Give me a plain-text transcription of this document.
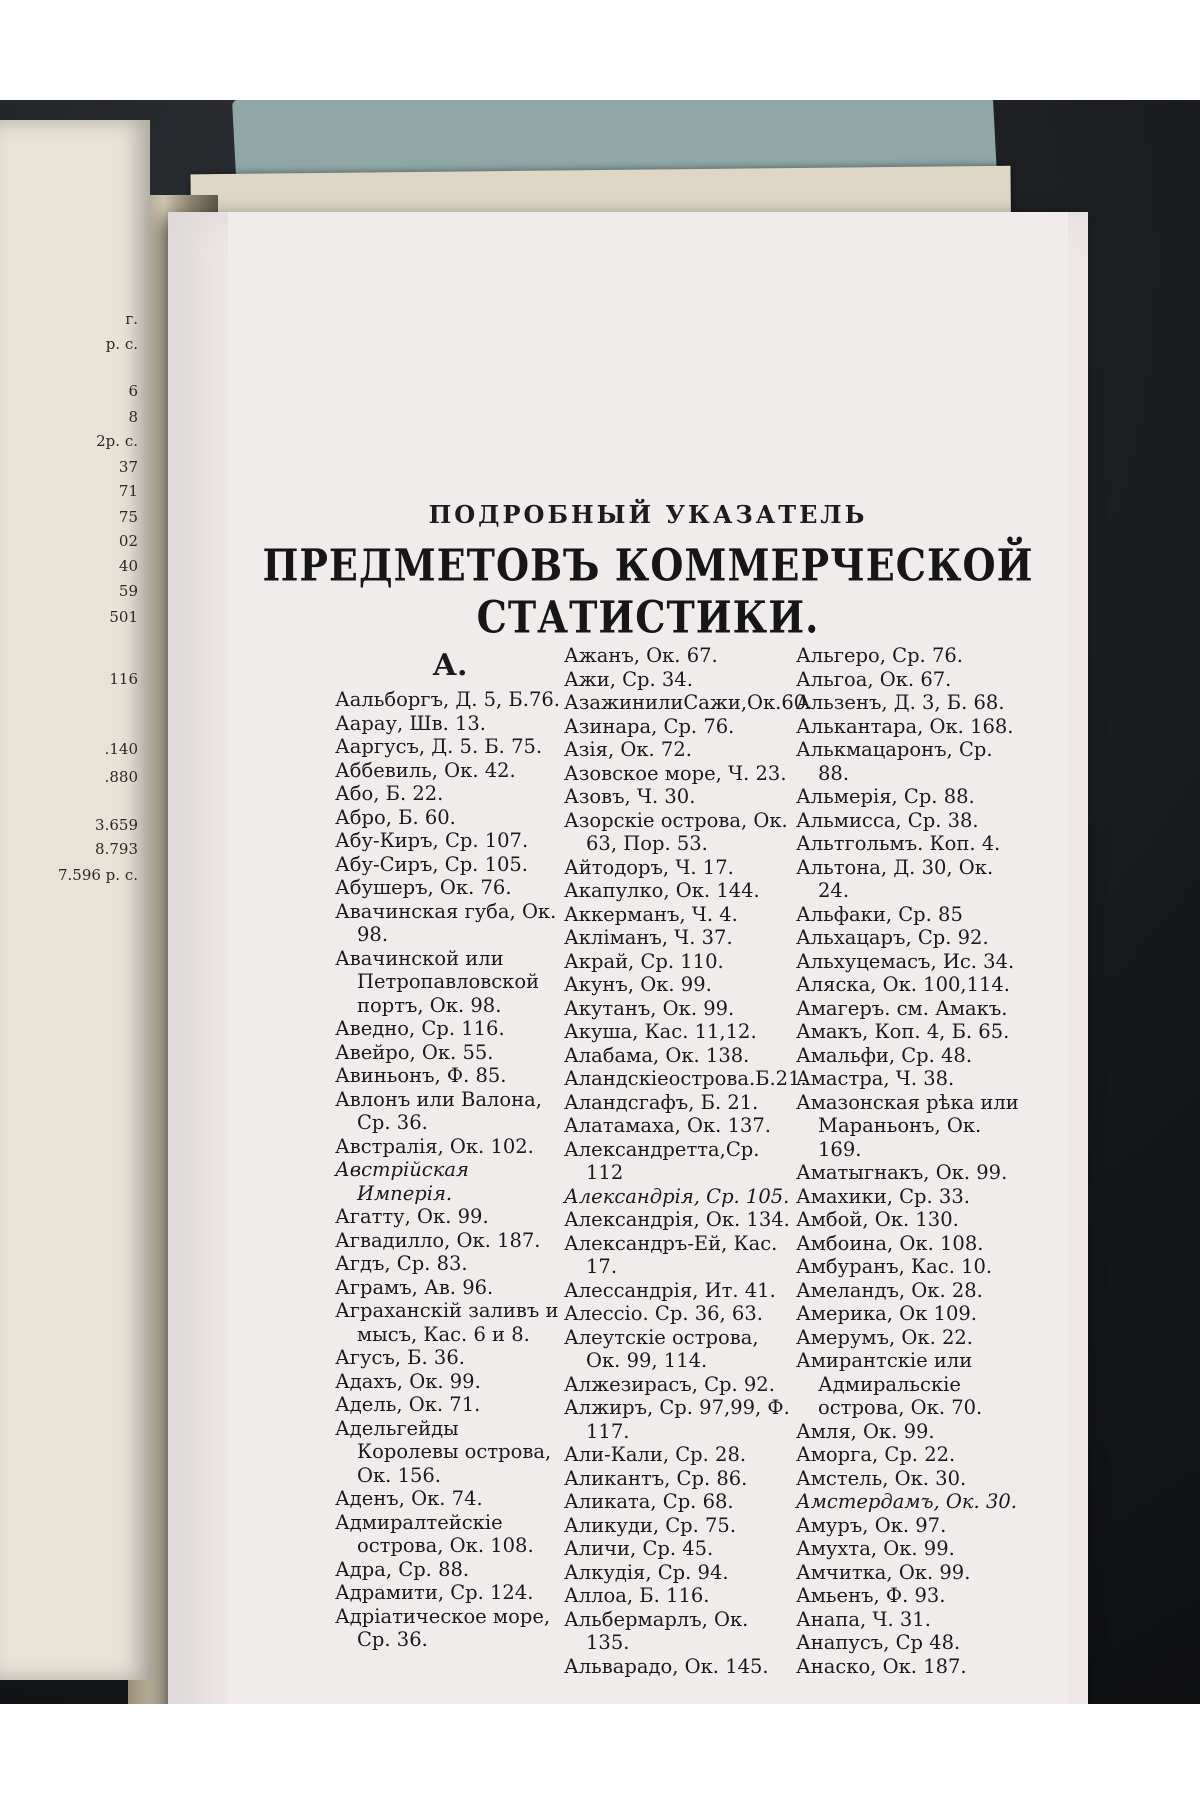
г.
р. с.
6
8
2р. с.
37
71
75
02
40
59
501
116
.140
.880
3.659
8.793
7.596 р. с.
ПОДРОБНЫЙ УКАЗАТЕЛЬ
ПРЕДМЕТОВЪ КОММЕРЧЕСКОЙ СТАТИСТИКИ.
А.

Аальборгъ, Д. 5, Б.76.

Аарау, Шв. 13.

Ааргусъ, Д. 5. Б. 75.

Аббевиль, Ок. 42.

Або, Б. 22.

Абро, Б. 60.

Абу-Киръ, Ср. 107.

Абу-Сиръ, Ср. 105.

Абушеръ, Ок. 76.

Авачинская губа, Ок. 98.

Авачинской или Петропавловской портъ, Ок. 98.

Аведно, Ср. 116.

Авейро, Ок. 55.

Авиньонъ, Ф. 85.

Авлонъ или Валона, Ср. 36.

Австралія, Ок. 102.

Австрійская Имперія.

Агатту, Ок. 99.

Агвадилло, Ок. 187.

Агдъ, Ср. 83.

Аграмъ, Ав. 96.

Аграханскій заливъ и мысъ, Кас. 6 и 8.

Агусъ, Б. 36.

Адахъ, Ок. 99.

Адель, Ок. 71.

Адельгейды Королевы острова, Ок. 156.

Аденъ, Ок. 74.

Адмиралтейскіе острова, Ок. 108.

Адра, Ср. 88.

Адрамити, Ср. 124.

Адріатическое море, Ср. 36.

Ажанъ, Ок. 67.

Ажи, Ср. 34.

АзажинилиСажи,Ок.60.

Азинара, Ср. 76.

Азія, Ок. 72.

Азовское море, Ч. 23.

Азовъ, Ч. 30.

Азорскіе острова, Ок. 63, Пор. 53.

Айтодоръ, Ч. 17.

Акапулко, Ок. 144.

Аккерманъ, Ч. 4.

Акліманъ, Ч. 37.

Акрай, Ср. 110.

Акунъ, Ок. 99.

Акутанъ, Ок. 99.

Акуша, Кас. 11,12.

Алабама, Ок. 138.

Аландскіеострова.Б.21.

Аландсгафъ, Б. 21.

Алатамаха, Ок. 137.

Александретта,Ср. 112

Александрія, Ср. 105.

Александрія, Ок. 134.

Александръ-Ей, Кас. 17.

Алессандрія, Ит. 41.

Алессіо. Ср. 36, 63.

Алеутскіе острова, Ок. 99, 114.

Алжезирасъ, Ср. 92.

Алжиръ, Ср. 97,99, Ф. 117.

Али-Кали, Ср. 28.

Аликантъ, Ср. 86.

Аликата, Ср. 68.

Аликуди, Ср. 75.

Аличи, Ср. 45.

Алкудія, Ср. 94.

Аллоа, Б. 116.

Альбермарлъ, Ок. 135.

Альварадо, Ок. 145.

Альгеро, Ср. 76.

Альгоа, Ок. 67.

Альзенъ, Д. 3, Б. 68.

Алькантара, Ок. 168.

Алькмацаронъ, Ср. 88.

Альмерія, Ср. 88.

Альмисса, Ср. 38.

Альтгольмъ. Коп. 4.

Альтона, Д. 30, Ок. 24.

Альфаки, Ср. 85

Альхацаръ, Ср. 92.

Альхуцемасъ, Ис. 34.

Аляска, Ок. 100,114.

Амагеръ. см. Амакъ.

Амакъ, Коп. 4, Б. 65.

Амальфи, Ср. 48.

Амастра, Ч. 38.

Амазонская рѣка или Мараньонъ, Ок. 169.

Аматыгнакъ, Ок. 99.

Амахики, Ср. 33.

Амбой, Ок. 130.

Амбоина, Ок. 108.

Амбуранъ, Кас. 10.

Амеландъ, Ок. 28.

Америка, Ок 109.

Амерумъ, Ок. 22.

Амирантскіе или Адмиральскіе острова, Ок. 70.

Амля, Ок. 99.

Аморга, Ср. 22.

Амстель, Ок. 30.

Амстердамъ, Ок. 30.

Амуръ, Ок. 97.

Амухта, Ок. 99.

Амчитка, Ок. 99.

Амьенъ, Ф. 93.

Анапа, Ч. 31.

Анапусъ, Ср 48.

Анаско, Ок. 187.
